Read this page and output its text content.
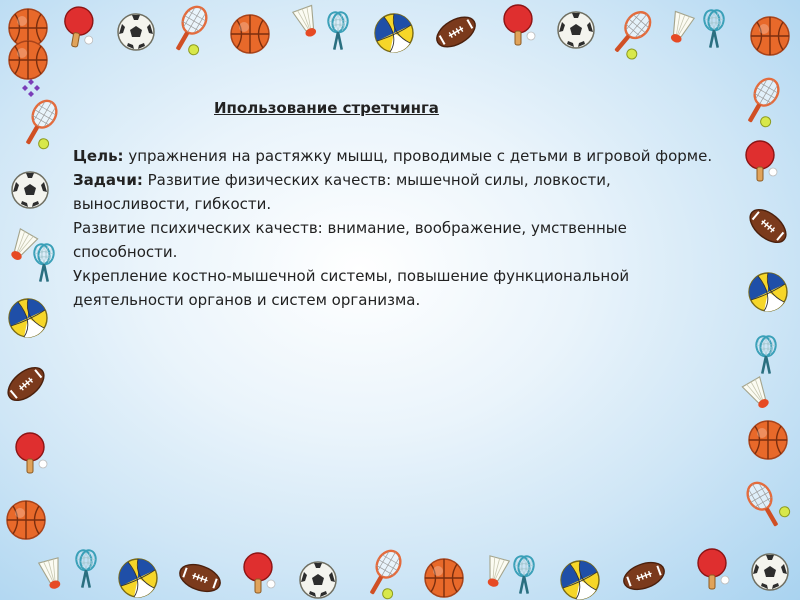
Ипользование стретчинга
Цель: упражнения на растяжку мышц, проводимые с детьми в игровой форме.
Задачи: Развитие физических качеств: мышечной силы, ловкости, выносливости, гибкости.
Развитие психических качеств: внимание, воображение, умственные способности.
Укрепление костно-мышечной системы, повышение функциональной деятельности органов и систем организма.
